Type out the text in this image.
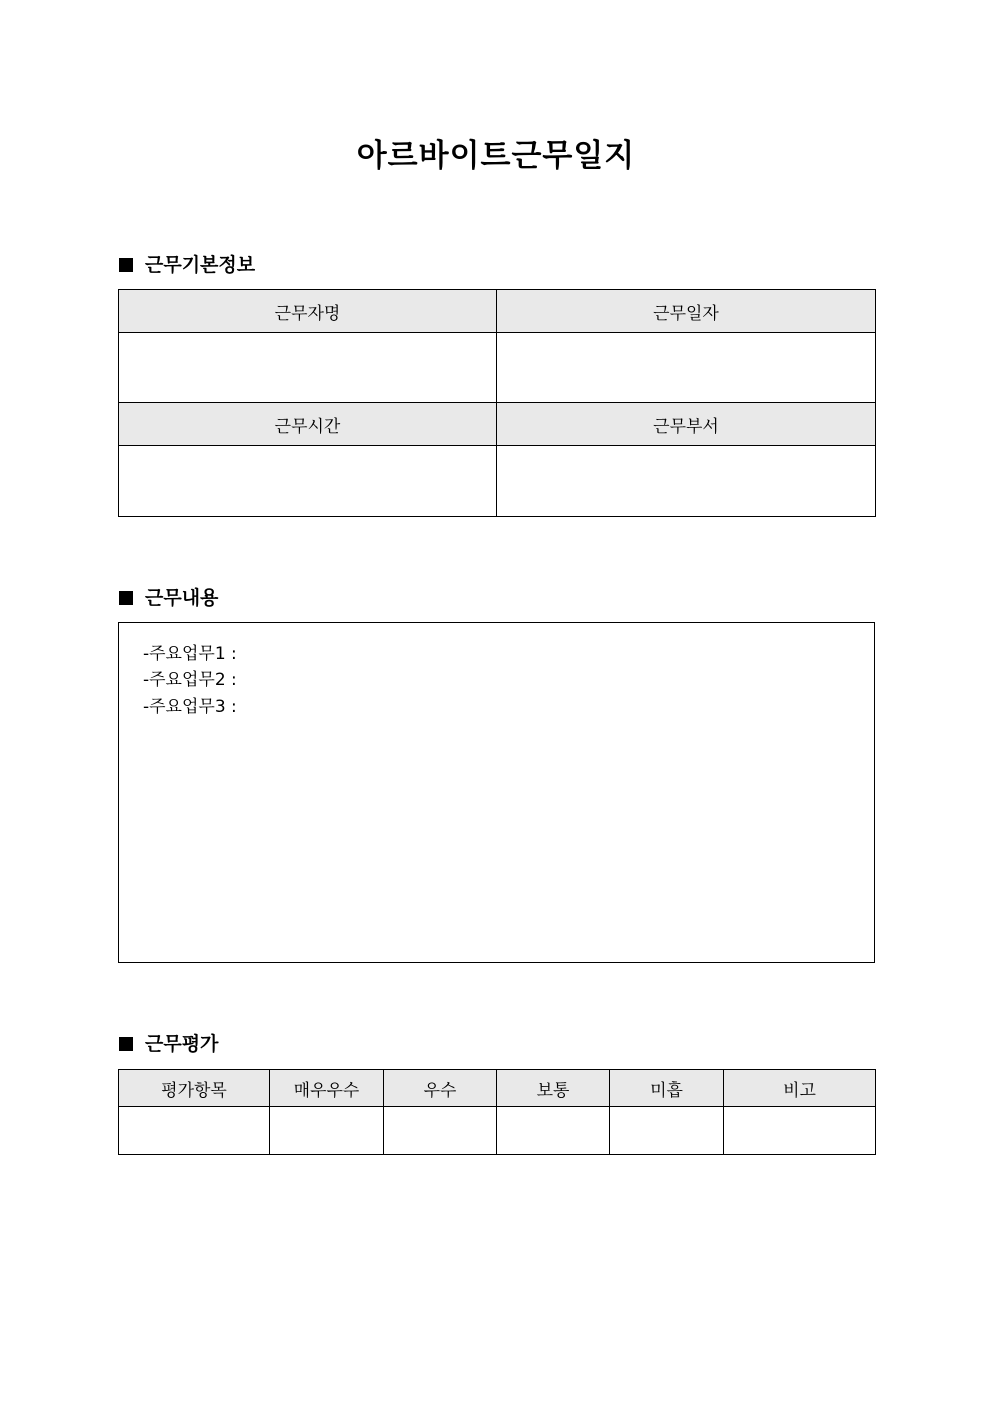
아르바이트근무일지
근무기본정보
근무자명	근무일자

근무시간	근무부서

근무내용
-주요업무1 :
-주요업무2 :
-주요업무3 :
근무평가
평가항목	매우우수	우수	보통	미흡	비고
